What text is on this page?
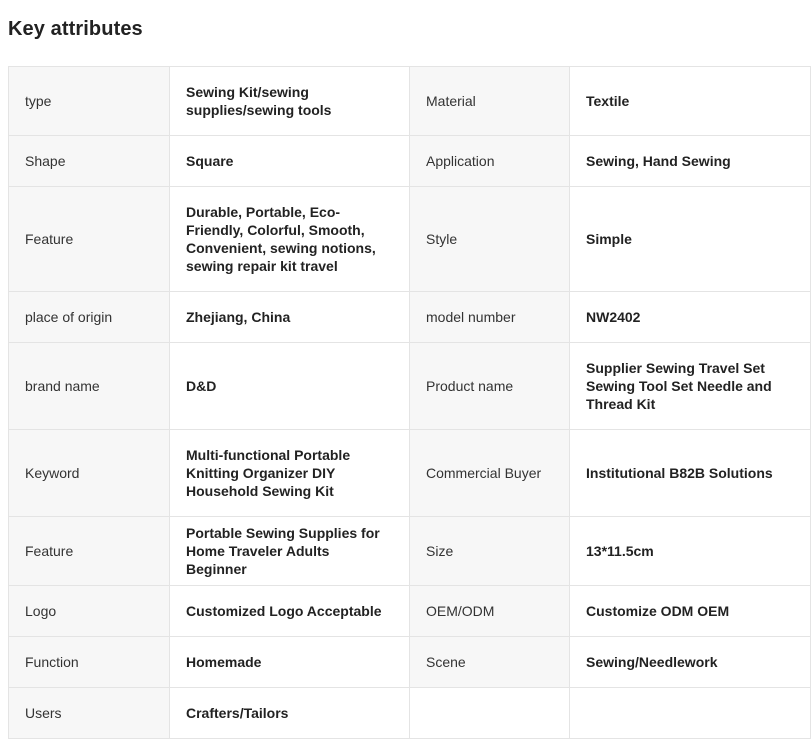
Key attributes
type	Sewing Kit/sewing supplies/sewing tools	Material	Textile
Shape	Square	Application	Sewing, Hand Sewing
Feature	Durable, Portable, Eco-Friendly, Colorful, Smooth, Convenient, sewing notions, sewing repair kit travel	Style	Simple
place of origin	Zhejiang, China	model number	NW2402
brand name	D&D	Product name	Supplier Sewing Travel Set Sewing Tool Set Needle and Thread Kit
Keyword	Multi-functional Portable Knitting Organizer DIY Household Sewing Kit	Commercial Buyer	Institutional B82B Solutions
Feature	Portable Sewing Supplies for Home Traveler Adults Beginner	Size	13*11.5cm
Logo	Customized Logo Acceptable	OEM/ODM	Customize ODM OEM
Function	Homemade	Scene	Sewing/Needlework
Users	Crafters/Tailors		
